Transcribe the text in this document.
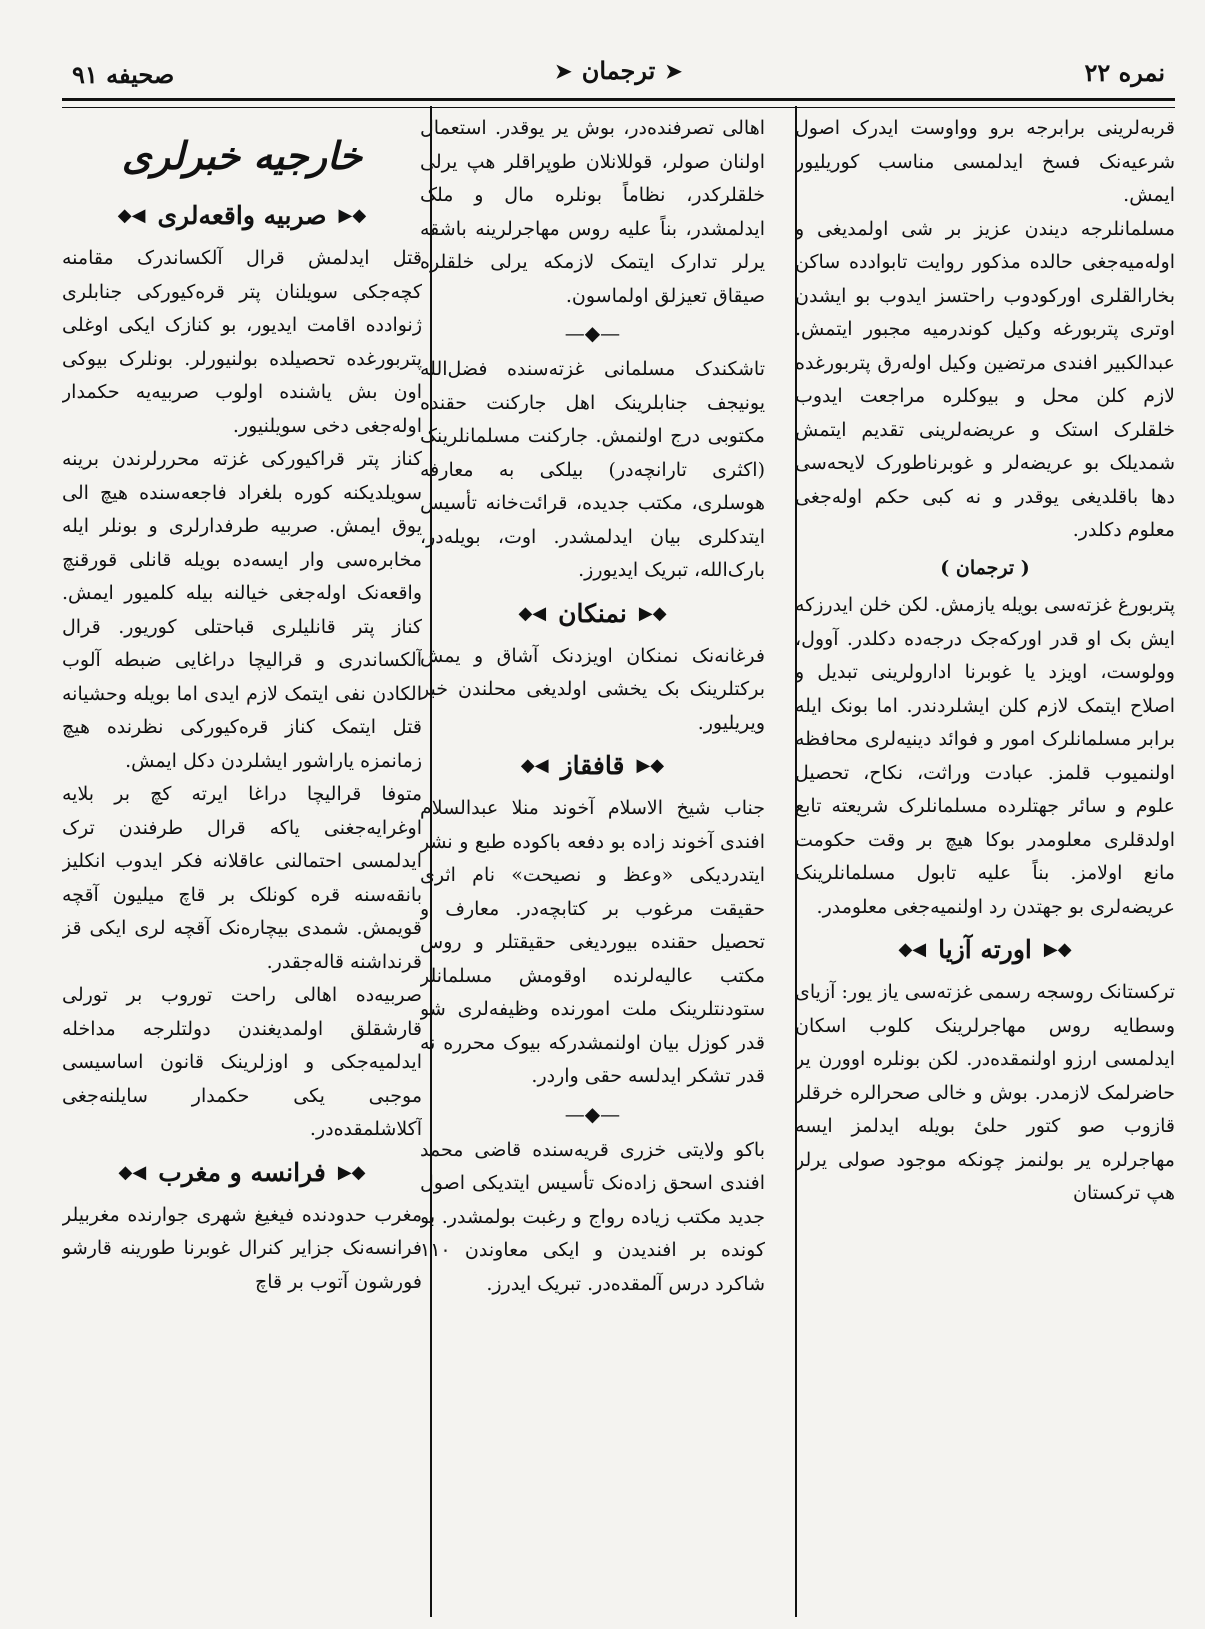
صحیفه ۹۱	➤
ترجمان
➤	نمره ۲۲

قربه‌لرینی برابرجه برو وواوست ایدرک اصول شرعیه‌نک فسخ ایدلمسی مناسب کوریلیور ایمش.

مسلمانلرجه دیندن عزیز بر شی اولمدیغی و اوله‌میه‌جغی حالده مذکور روایت تابوادده ساکن بخارالقلری اورکودوب راحتسز ایدوب بو ایشدن اوتری پتربورغه وکیل کوندرمیه مجبور ایتمش. عبدالکبیر افندی مرتضین وکیل اوله‌رق پتربورغده لازم کلن محل و بیوکلره مراجعت ایدوب خلقلرک استک و عریضه‌لرینی تقدیم ایتمش شمدیلک بو عریضه‌لر و غوبرناطورک لایحه‌سی دها باقلدیغی یوقدر و نه کبی حکم اوله‌جغی معلوم دکلدر.

( ترجمان )

پتربورغ غزته‌سی بویله یازمش. لکن خلن ایدرزکه ایش بک او قدر اورکه‌جک درجه‌ده دکلدر. آوول، وولوست، اویزد یا غوبرنا ادارولرینی تبدیل و اصلاح ایتمک لازم کلن ایشلردندر. اما بونک ایله برابر مسلمانلرک امور و فوائد دینیه‌لری محافظه اولنمیوب قلمز. عبادت وراثت، نکاح، تحصیل علوم و سائر جهتلرده مسلمانلرک شریعته تابع اولدقلری معلومدر بوکا هیچ بر وقت حکومت مانع اولامز. بناً علیه تابول مسلمانلرینک عریضه‌لری بو جهتدن رد اولنمیه‌جغی معلومدر.

◆▶
اورته آزیا
◀◆

ترکستانک روسجه رسمی غزته‌سی یاز یور: آزیای وسطایه روس مهاجرلرینک کلوب اسکان ایدلمسی ارزو اولنمقده‌در. لکن بونلره اوورن یر حاضرلمک لازمدر. بوش و خالی صحرالره خرقلر قازوب صو کتور حلیٔ بویله ایدلمز ایسه مهاجرلره یر بولنمز چونکه موجود صولی یرلر هپ ترکستان

اهالی تصرفنده‌در، بوش یر یوقدر. استعمال اولنان صولر، قوللانلان طوپراقلر هپ یرلی خلقلرکدر، نظاماً بونلره مال و ملک ایدلمشدر، بناً علیه روس مهاجرلرینه باشقه یرلر تدارک ایتمک لازمکه یرلی خلقلره صیقاق تعیزلق اولماسون.

—◆—

تاشکندک مسلمانی غزته‌سنده فضل‌الله یونیجف جنابلرینک اهل جارکنت حقنده مکتوبی درج اولنمش. جارکنت مسلمانلرینک (اکثری تارانچه‌در) بیلکی به معارفه هوسلری، مکتب جدیده، قرائت‌خانه تأسیس ایتدکلری بیان ایدلمشدر. اوت، بویله‌در، بارک‌الله، تبریک ایدیورز.

◆▶
نمنکان
◀◆

فرغانه‌نک نمنکان اویزدنک آشاق و یمش برکتلرینک بک یخشی اولدیغی محلندن خبر ویریلیور.

◆▶
قافقاز
◀◆

جناب شیخ الاسلام آخوند منلا عبدالسلام افندی آخوند زاده بو دفعه باکوده طبع و نشر ایتدردیکی «وعظ و نصیحت» نام اثری حقیقت مرغوب بر کتابچه‌در. معارف و تحصیل حقنده بیوردیغی حقیقتلر و روس مکتب عالیه‌لرنده اوقومش مسلمانلر ستودنتلرینک ملت امورنده وظیفه‌لری شو قدر کوزل بیان اولنمشدرکه بیوک محرره نه قدر تشکر ایدلسه حقی واردر.

—◆—

باکو ولایتی خزری قریه‌سنده قاضی محمد افندی اسحق زاده‌نک تأسیس ایتدیکی اصول جدید مکتب زیاده رواج و رغبت بولمشدر. بو کونده بر افندیدن و ایکی معاوندن ۱۱۰ شاکرد درس آلمقده‌در. تبریک ایدرز.

خارجیه خبرلری
◆▶
صربیه واقعه‌لری
◀◆

قتل ایدلمش قرال آلکساندرک مقامنه کچه‌جکی سویلنان پتر قره‌کیورکی جنابلری ژنوادده اقامت ایدیور، بو کنازک ایکی اوغلی پتربورغده تحصیلده بولنیورلر. بونلرک بیوکی اون بش یاشنده اولوب صربیه‌یه حکمدار اوله‌جغی دخی سویلنیور.

کناز پتر قراکیورکی غزته محررلرندن برینه سویلدیکنه کوره بلغراد فاجعه‌سنده هیچ الی یوق ایمش. صربیه طرفدارلری و بونلر ایله مخابره‌سی وار ایسه‌ده بویله قانلی قورقنچ واقعه‌نک اوله‌جغی خیالنه بیله کلمیور ایمش. کناز پتر قانلیلری قباحتلی کوریور. قرال آلکساندری و قرالیچا دراغایی ضبطه آلوب الکادن نفی ایتمک لازم ایدی اما بویله وحشیانه قتل ایتمک کناز قره‌کیورکی نظرنده هیچ زمانمزه یاراشور ایشلردن دکل ایمش.

متوفا قرالیچا دراغا ایرته کچ بر بلایه اوغرایه‌جغنی یاکه قرال طرفندن ترک ایدلمسی احتمالنی عاقلانه فکر ایدوب انکلیز بانقه‌سنه قره کونلک بر قاچ میلیون آقچه قویمش. شمدی بیچاره‌نک آقچه لری ایکی قز قرنداشنه قاله‌جقدر.

صربیه‌ده اهالی راحت توروب بر تورلی قارشقلق اولمدیغندن دولتلرجه مداخله ایدلمیه‌جکی و اوزلرینک قانون اساسیسی موجبی یکی حکمدار سایلنه‌جغی آکلاشلمقده‌در.

◆▶
فرانسه و مغرب
◀◆

مغرب حدودنده فیغیغ شهری جوارنده مغربیلر فرانسه‌نک جزایر کنرال غوبرنا طورینه قارشو فورشون آتوب بر قاچ
